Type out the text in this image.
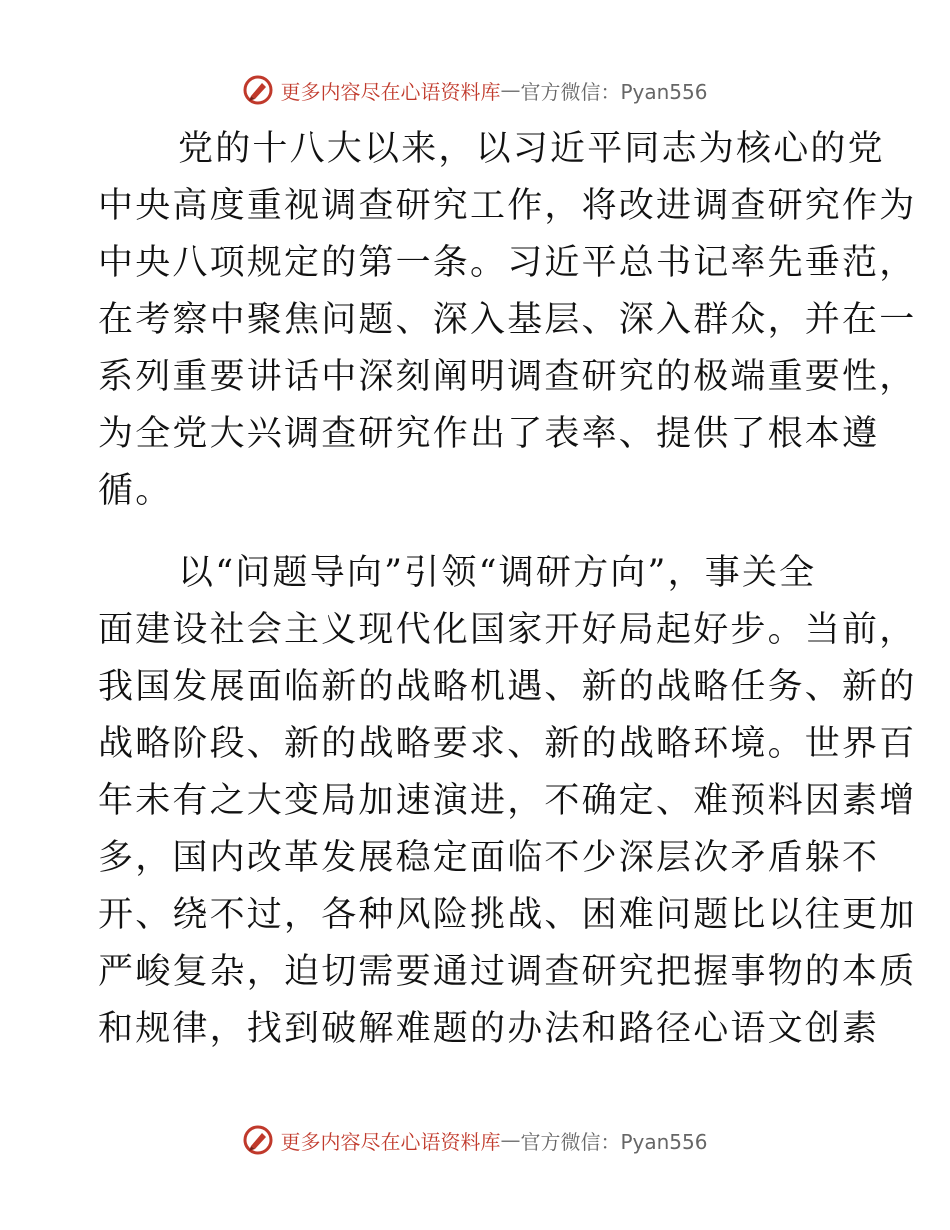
更多内容尽在心语资料库 — 官方微信：Pyan556
党的十八大以来，以习近平同志为核心的党
中央高度重视调查研究工作，将改进调查研究作为
中央八项规定的第一条。习近平总书记率先垂范，
在考察中聚焦问题、深入基层、深入群众，并在一
系列重要讲话中深刻阐明调查研究的极端重要性，
为全党大兴调查研究作出了表率、提供了根本遵
循。
以“问题导向”引领“调研方向”，事关全
面建设社会主义现代化国家开好局起好步。当前，
我国发展面临新的战略机遇、新的战略任务、新的
战略阶段、新的战略要求、新的战略环境。世界百
年未有之大变局加速演进，不确定、难预料因素增
多，国内改革发展稳定面临不少深层次矛盾躲不
开、绕不过，各种风险挑战、困难问题比以往更加
严峻复杂，迫切需要通过调查研究把握事物的本质
和规律，找到破解难题的办法和路径心语文创素
更多内容尽在心语资料库 — 官方微信：Pyan556
